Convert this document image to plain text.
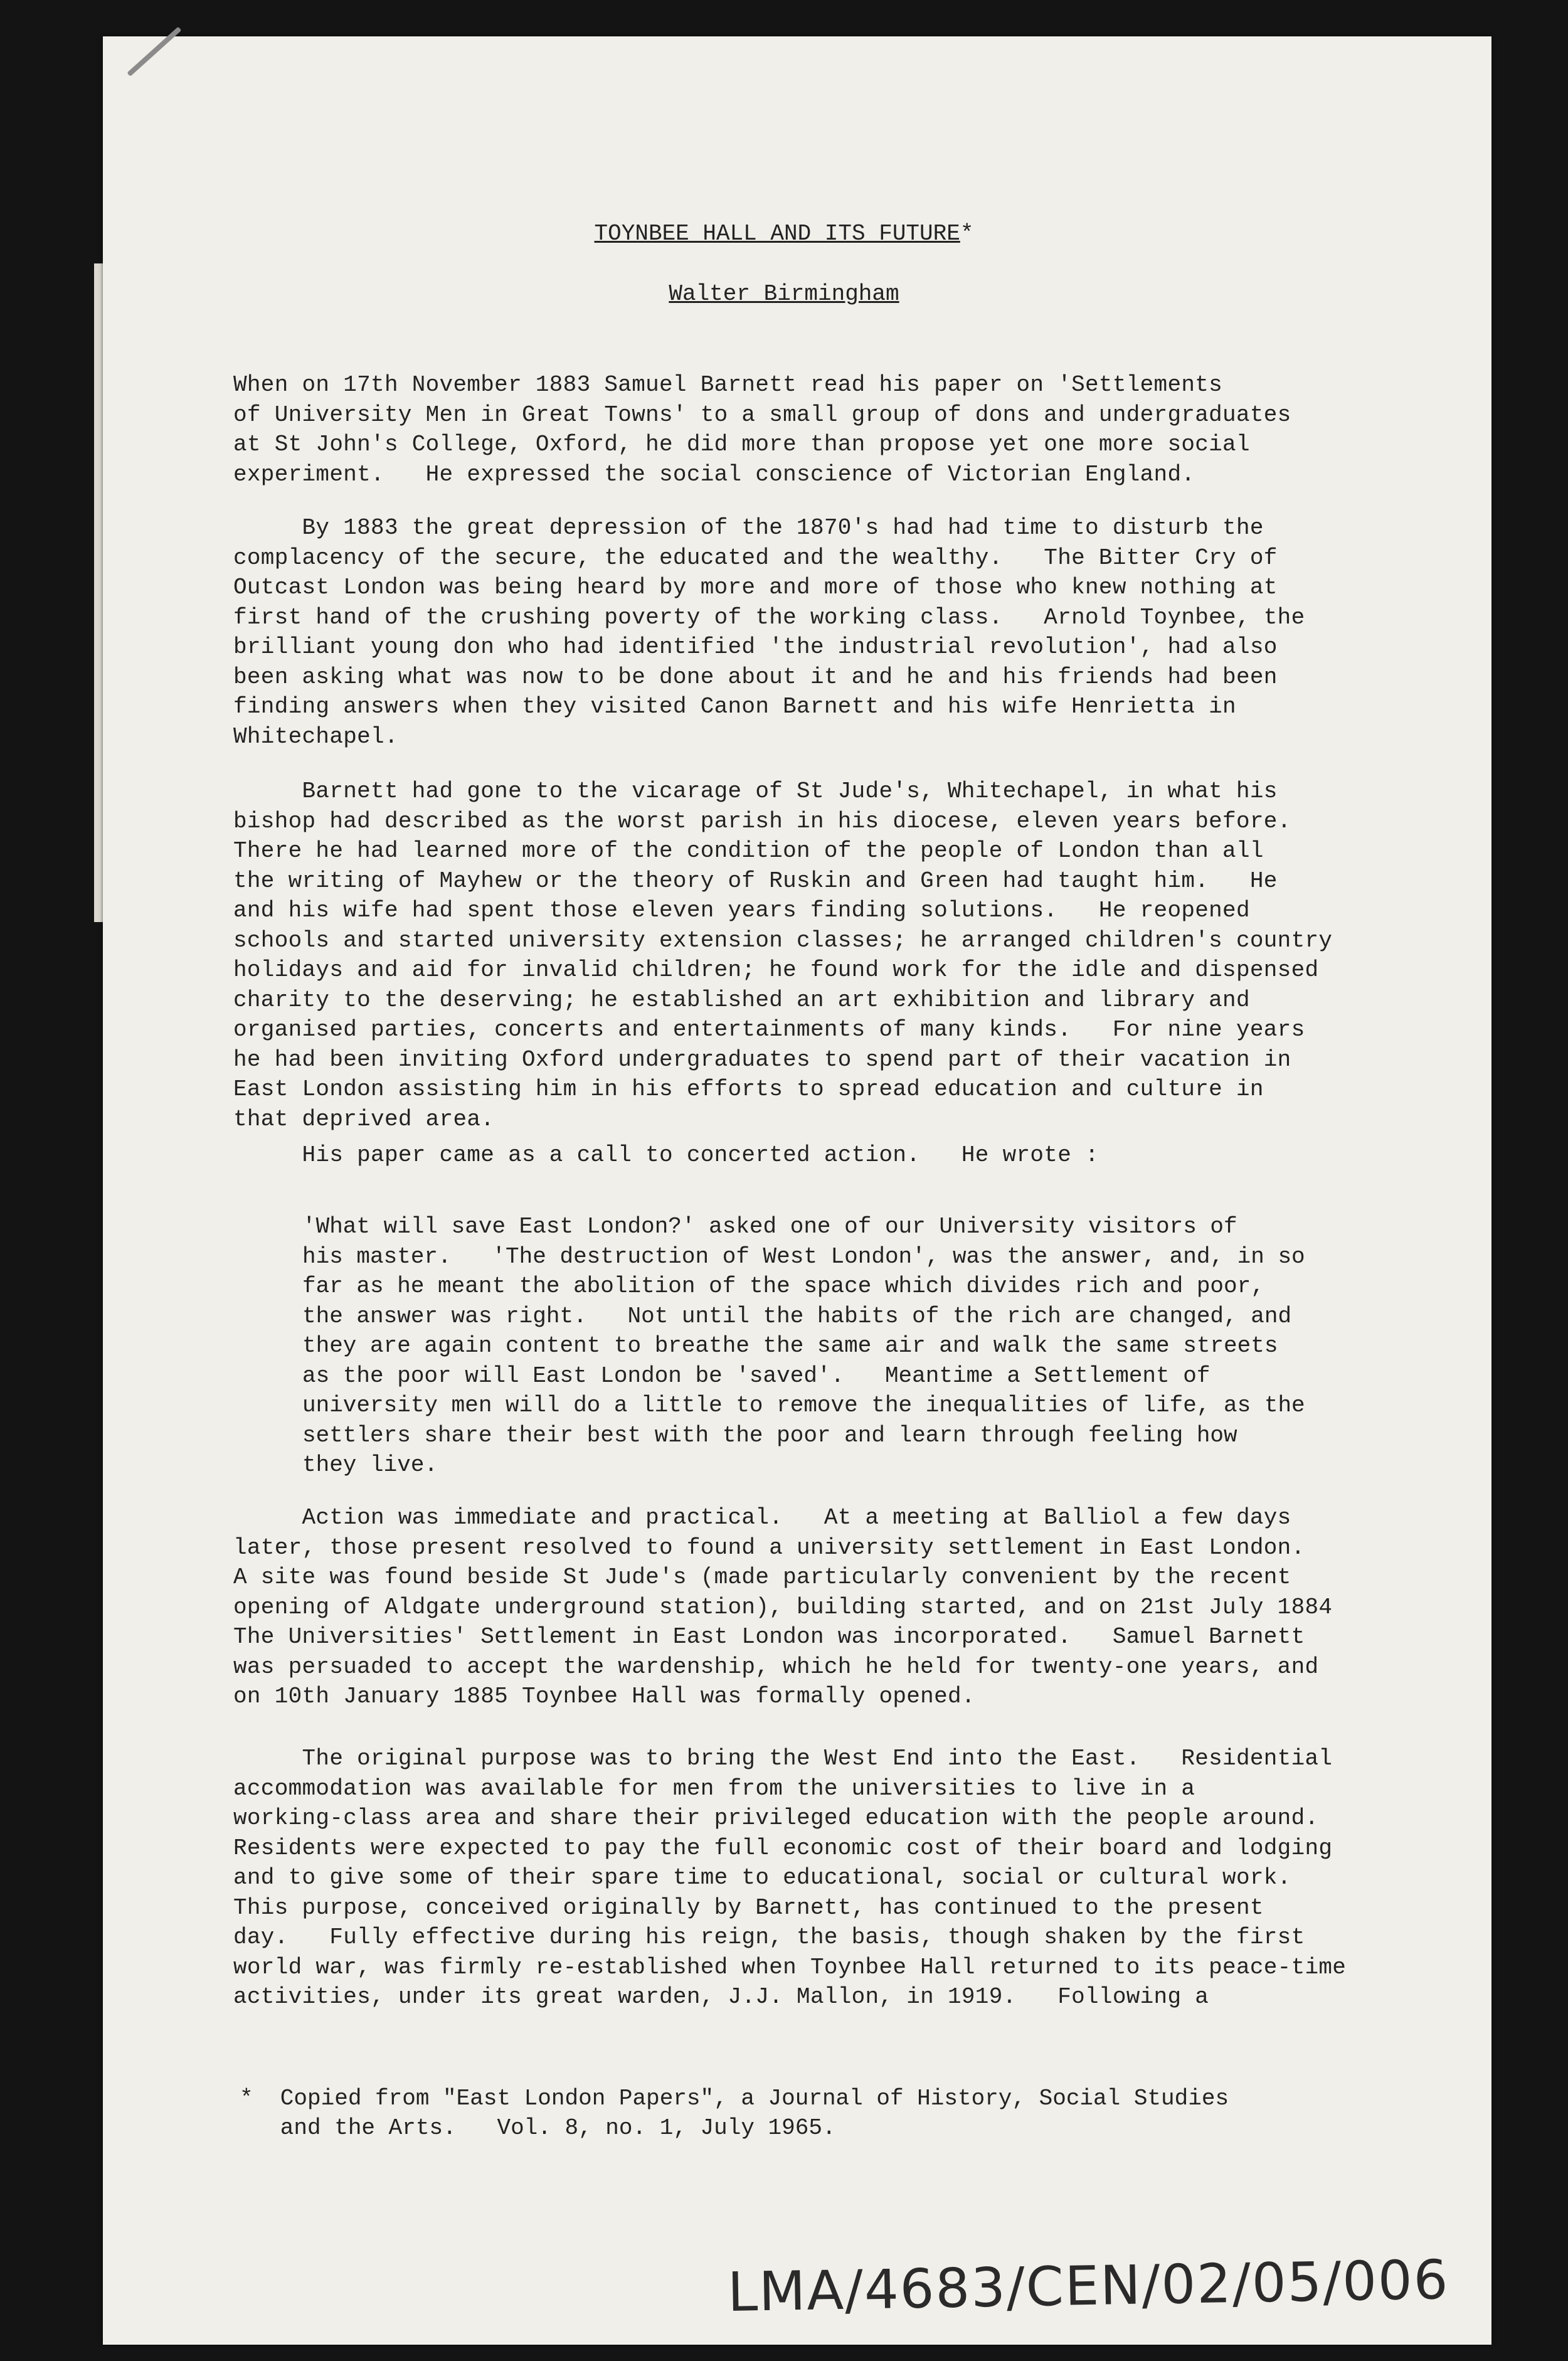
TOYNBEE HALL AND ITS FUTURE*
Walter Birmingham
When on 17th November 1883 Samuel Barnett read his paper on 'Settlements
of University Men in Great Towns' to a small group of dons and undergraduates
at St John's College, Oxford, he did more than propose yet one more social
experiment.   He expressed the social conscience of Victorian England.
By 1883 the great depression of the 1870's had had time to disturb the
complacency of the secure, the educated and the wealthy.   The Bitter Cry of
Outcast London was being heard by more and more of those who knew nothing at
first hand of the crushing poverty of the working class.   Arnold Toynbee, the
brilliant young don who had identified 'the industrial revolution', had also
been asking what was now to be done about it and he and his friends had been
finding answers when they visited Canon Barnett and his wife Henrietta in
Whitechapel.
Barnett had gone to the vicarage of St Jude's, Whitechapel, in what his
bishop had described as the worst parish in his diocese, eleven years before.
There he had learned more of the condition of the people of London than all
the writing of Mayhew or the theory of Ruskin and Green had taught him.   He
and his wife had spent those eleven years finding solutions.   He reopened
schools and started university extension classes; he arranged children's country
holidays and aid for invalid children; he found work for the idle and dispensed
charity to the deserving; he established an art exhibition and library and
organised parties, concerts and entertainments of many kinds.   For nine years
he had been inviting Oxford undergraduates to spend part of their vacation in
East London assisting him in his efforts to spread education and culture in
that deprived area.
His paper came as a call to concerted action.   He wrote :
'What will save East London?' asked one of our University visitors of
his master.   'The destruction of West London', was the answer, and, in so
far as he meant the abolition of the space which divides rich and poor,
the answer was right.   Not until the habits of the rich are changed, and
they are again content to breathe the same air and walk the same streets
as the poor will East London be 'saved'.   Meantime a Settlement of
university men will do a little to remove the inequalities of life, as the
settlers share their best with the poor and learn through feeling how
they live.
Action was immediate and practical.   At a meeting at Balliol a few days
later, those present resolved to found a university settlement in East London.
A site was found beside St Jude's (made particularly convenient by the recent
opening of Aldgate underground station), building started, and on 21st July 1884
The Universities' Settlement in East London was incorporated.   Samuel Barnett
was persuaded to accept the wardenship, which he held for twenty-one years, and
on 10th January 1885 Toynbee Hall was formally opened.
The original purpose was to bring the West End into the East.   Residential
accommodation was available for men from the universities to live in a
working-class area and share their privileged education with the people around.
Residents were expected to pay the full economic cost of their board and lodging
and to give some of their spare time to educational, social or cultural work.
This purpose, conceived originally by Barnett, has continued to the present
day.   Fully effective during his reign, the basis, though shaken by the first
world war, was firmly re-established when Toynbee Hall returned to its peace-time
activities, under its great warden, J.J. Mallon, in 1919.   Following a
*  Copied from "East London Papers", a Journal of History, Social Studies
and the Arts.   Vol. 8, no. 1, July 1965.
LMA/4683/CEN/02/05/006
